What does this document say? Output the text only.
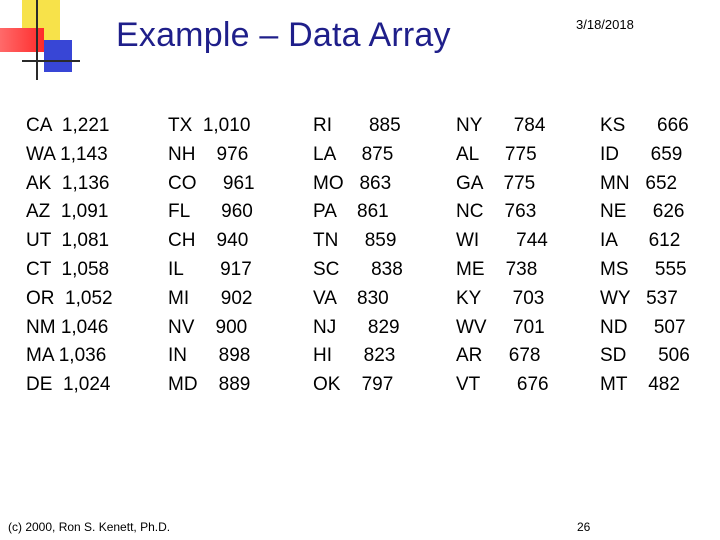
Example – Data Array	3/18/2018
CA  1,221
WA 1,143
AK  1,136
AZ  1,091
UT  1,081
CT  1,058
OR  1,052
NM 1,046
MA 1,036
DE  1,024
TX  1,010
NH    976
CO     961
FL      960
CH    940
IL       917
MI      902
NV    900
IN      898
MD    889
RI       885
LA     875
MO   863
PA    861
TN     859
SC      838
VA    830
NJ      829
HI      823
OK    797
NY      784
AL     775
GA    775
NC    763
WI       744
ME    738
KY      703
WV     701
AR     678
VT       676
KS      666
ID      659
MN   652
NE     626
IA      612
MS     555
WY   537
ND     507
SD      506
MT    482
(c) 2000, Ron S. Kenett, Ph.D.	26
